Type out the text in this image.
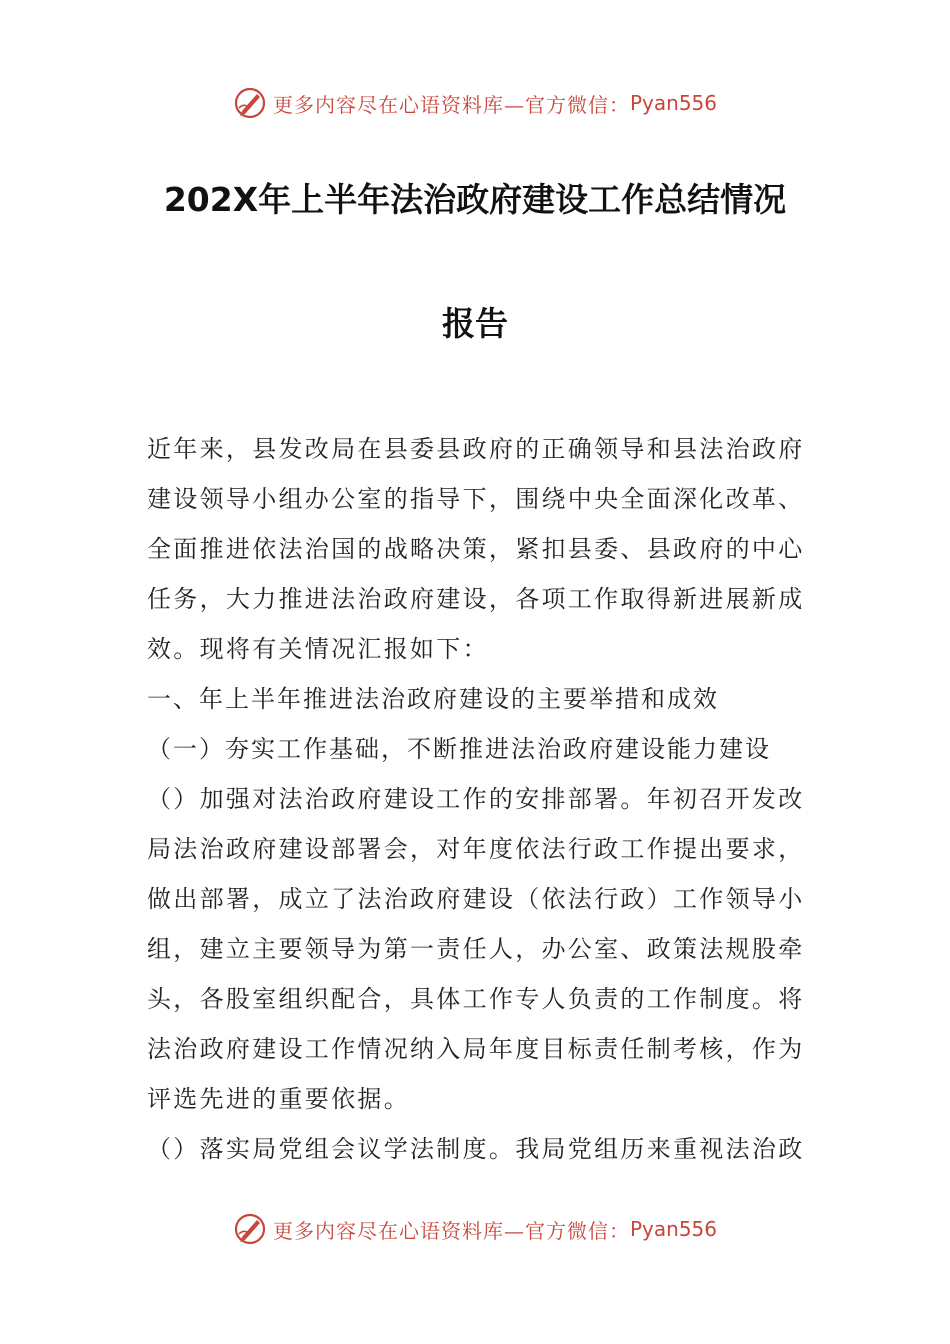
更多内容尽在心语资料库—官方微信： Pyan556
202X年上半年法治政府建设工作总结情况
报告

近年来，县发改局在县委县政府的正确领导和县法治政府建设领导小组办公室的指导下，围绕中央全面深化改革、全面推进依法治国的战略决策，紧扣县委、县政府的中心任务，大力推进法治政府建设，各项工作取得新进展新成效。现将有关情况汇报如下：

一、年上半年推进法治政府建设的主要举措和成效

（一）夯实工作基础，不断推进法治政府建设能力建设

（）加强对法治政府建设工作的安排部署。年初召开发改局法治政府建设部署会，对年度依法行政工作提出要求，做出部署，成立了法治政府建设（依法行政）工作领导小组，建立主要领导为第一责任人，办公室、政策法规股牵头，各股室组织配合，具体工作专人负责的工作制度。将法治政府建设工作情况纳入局年度目标责任制考核，作为评选先进的重要依据。

（）落实局党组会议学法制度。我局党组历来重视法治政

更多内容尽在心语资料库—官方微信： Pyan556
